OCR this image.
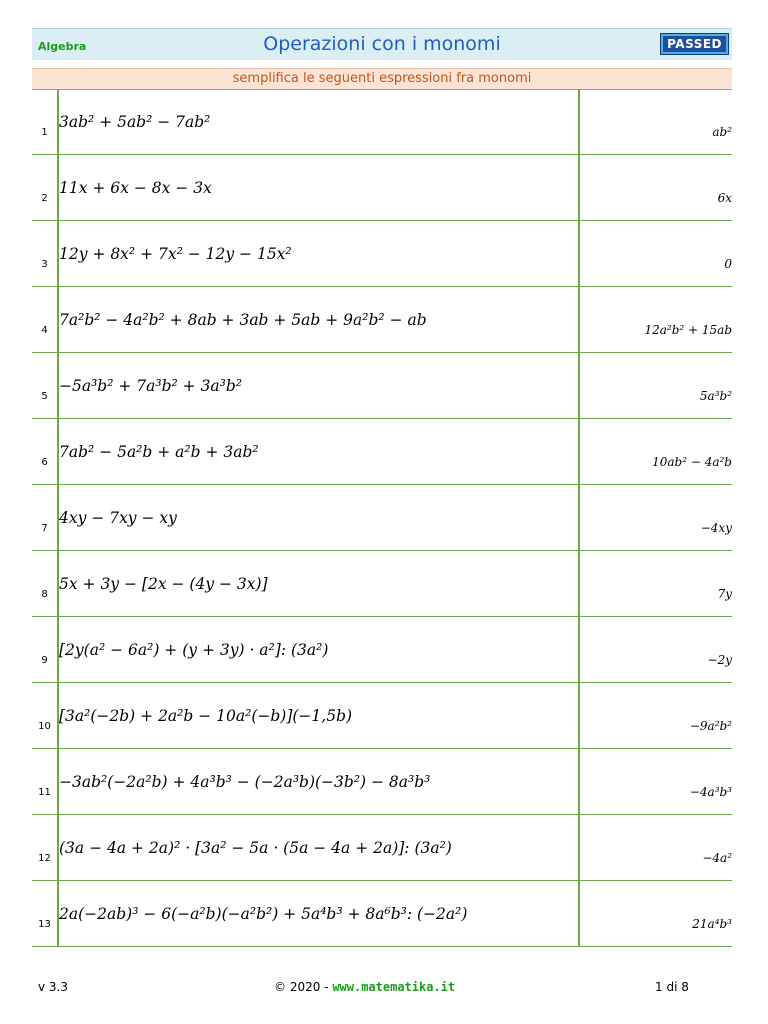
Algebra	Operazioni con i monomi	PASSED
semplifica le seguenti espressioni fra monomi
1	3ab² + 5ab² − 7ab²	ab²

2	11x + 6x − 8x − 3x	6x

3	12y + 8x² + 7x² − 12y − 15x²	0

4	7a²b² − 4a²b² + 8ab + 3ab + 5ab + 9a²b² − ab	12a²b² + 15ab

5	−5a³b² + 7a³b² + 3a³b²	5a³b²

6	7ab² − 5a²b + a²b + 3ab²	10ab² − 4a²b

7	4xy − 7xy − xy	−4xy

8	5x + 3y − [2x − (4y − 3x)]	7y

9	[2y(a² − 6a²) + (y + 3y) · a²]: (3a²)	−2y

10	[3a²(−2b) + 2a²b − 10a²(−b)](−1,5b)	−9a²b²

11	−3ab²(−2a²b) + 4a³b³ − (−2a³b)(−3b²) − 8a³b³	−4a³b³

12	(3a − 4a + 2a)² · [3a² − 5a · (5a − 4a + 2a)]: (3a²)	−4a²

13	2a(−2ab)³ − 6(−a²b)(−a²b²) + 5a⁴b³ + 8a⁶b³: (−2a²)	21a⁴b³
v 3.3	© 2020 - www.matematika.it	1 di 8
